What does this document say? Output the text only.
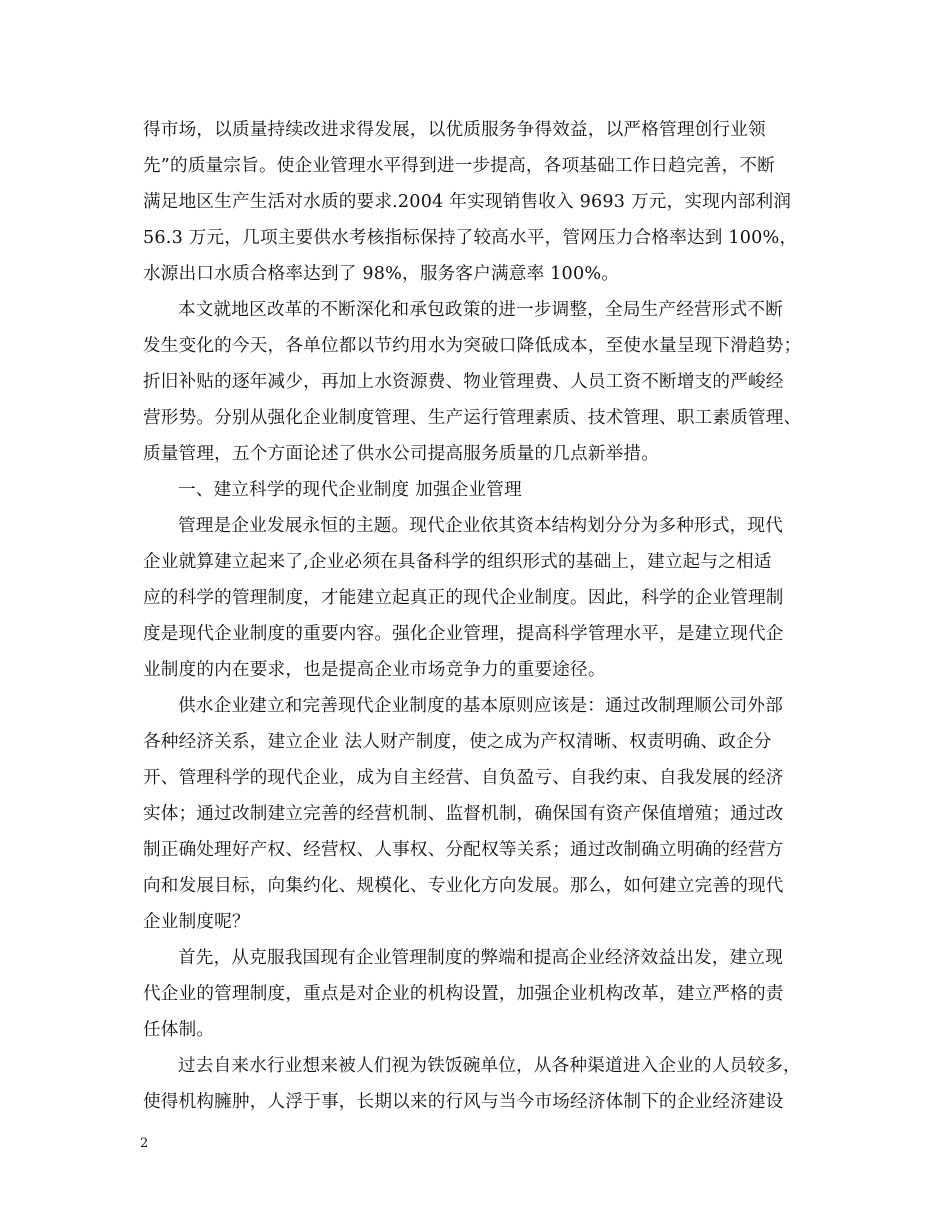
得市场，以质量持续改进求得发展，以优质服务争得效益，以严格管理创行业领
先”的质量宗旨。使企业管理水平得到进一步提高，各项基础工作日趋完善，不断
满足地区生产生活对水质的要求.2004 年实现销售收入 9693 万元，实现内部利润
56.3 万元，几项主要供水考核指标保持了较高水平，管网压力合格率达到 100%，
水源出口水质合格率达到了 98%，服务客户满意率 100%。
本文就地区改革的不断深化和承包政策的进一步调整，全局生产经营形式不断
发生变化的今天，各单位都以节约用水为突破口降低成本，至使水量呈现下滑趋势；
折旧补贴的逐年减少，再加上水资源费、物业管理费、人员工资不断增支的严峻经
营形势。分别从强化企业制度管理、生产运行管理素质、技术管理、职工素质管理、
质量管理，五个方面论述了供水公司提高服务质量的几点新举措。
一、建立科学的现代企业制度 加强企业管理
管理是企业发展永恒的主题。现代企业依其资本结构划分分为多种形式，现代
企业就算建立起来了,企业必须在具备科学的组织形式的基础上，建立起与之相适
应的科学的管理制度，才能建立起真正的现代企业制度。因此，科学的企业管理制
度是现代企业制度的重要内容。强化企业管理，提高科学管理水平，是建立现代企
业制度的内在要求，也是提高企业市场竞争力的重要途径。
供水企业建立和完善现代企业制度的基本原则应该是：通过改制理顺公司外部
各种经济关系，建立企业 法人财产制度，使之成为产权清晰、权责明确、政企分
开、管理科学的现代企业，成为自主经营、自负盈亏、自我约束、自我发展的经济
实体；通过改制建立完善的经营机制、监督机制，确保国有资产保值增殖；通过改
制正确处理好产权、经营权、人事权、分配权等关系；通过改制确立明确的经营方
向和发展目标，向集约化、规模化、专业化方向发展。那么，如何建立完善的现代
企业制度呢？
首先，从克服我国现有企业管理制度的弊端和提高企业经济效益出发，建立现
代企业的管理制度，重点是对企业的机构设置，加强企业机构改革，建立严格的责
任体制。
过去自来水行业想来被人们视为铁饭碗单位，从各种渠道进入企业的人员较多，
使得机构臃肿，人浮于事，长期以来的行风与当今市场经济体制下的企业经济建设
2
